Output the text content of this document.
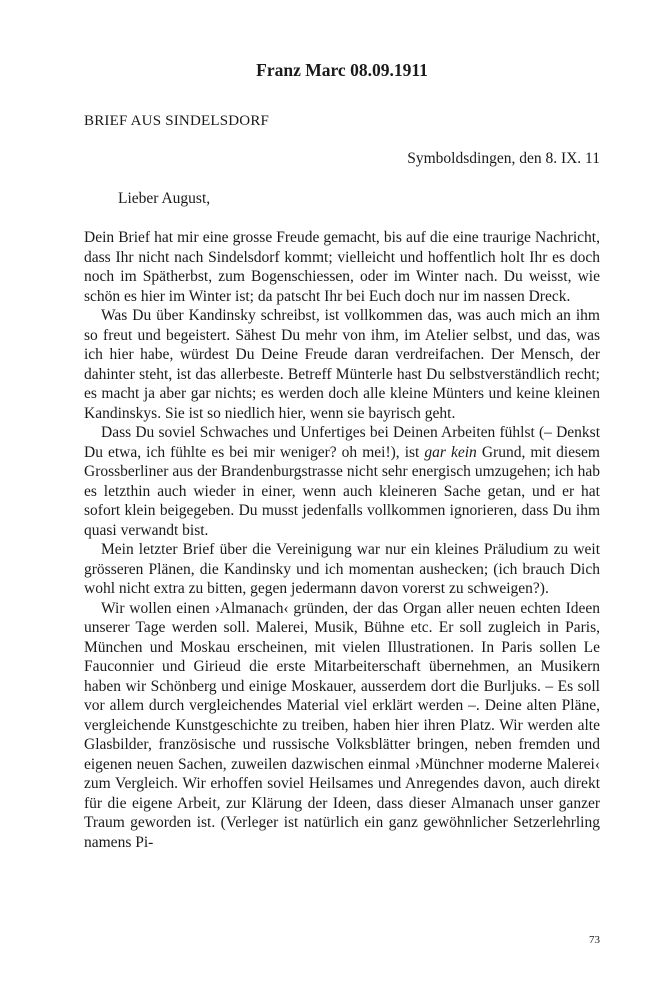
Franz Marc 08.09.1911

BRIEF AUS SINDELSDORF

Symboldsdingen, den 8. IX. 11

Lieber August,

Dein Brief hat mir eine grosse Freude gemacht, bis auf die eine traurige Nachricht, dass Ihr nicht nach Sindelsdorf kommt; vielleicht und hoffentlich holt Ihr es doch noch im Spätherbst, zum Bogenschiessen, oder im Winter nach. Du weisst, wie schön es hier im Winter ist; da patscht Ihr bei Euch doch nur im nassen Dreck.

Was Du über Kandinsky schreibst, ist vollkommen das, was auch mich an ihm so freut und begeistert. Sähest Du mehr von ihm, im Atelier selbst, und das, was ich hier habe, würdest Du Deine Freude daran verdreifachen. Der Mensch, der dahinter steht, ist das allerbeste. Betreff Münterle hast Du selbstverständlich recht; es macht ja aber gar nichts; es werden doch alle kleine Münters und keine kleinen Kandinskys. Sie ist so niedlich hier, wenn sie bayrisch geht.

Dass Du soviel Schwaches und Unfertiges bei Deinen Arbeiten fühlst (– Denkst Du etwa, ich fühlte es bei mir weniger? oh mei!), ist gar kein Grund, mit diesem Grossberliner aus der Brandenburgstrasse nicht sehr energisch umzugehen; ich hab es letzthin auch wieder in einer, wenn auch kleineren Sache getan, und er hat sofort klein beigegeben. Du musst jedenfalls vollkommen ignorieren, dass Du ihm quasi verwandt bist.

Mein letzter Brief über die Vereinigung war nur ein kleines Präludium zu weit grösseren Plänen, die Kandinsky und ich momentan aushecken; (ich brauch Dich wohl nicht extra zu bitten, gegen jedermann davon vorerst zu schweigen?).

Wir wollen einen ›Almanach‹ gründen, der das Organ aller neuen echten Ideen unserer Tage werden soll. Malerei, Musik, Bühne etc. Er soll zugleich in Paris, München und Moskau erscheinen, mit vielen Illustrationen. In Paris sollen Le Fauconnier und Girieud die erste Mitarbeiterschaft übernehmen, an Musikern haben wir Schönberg und einige Moskauer, ausserdem dort die Burljuks. – Es soll vor allem durch vergleichendes Material viel erklärt werden –. Deine alten Pläne, vergleichende Kunstgeschichte zu treiben, haben hier ihren Platz. Wir werden alte Glasbilder, französische und russische Volksblätter bringen, neben fremden und eigenen neuen Sachen, zuweilen dazwischen einmal ›Münchner moderne Malerei‹ zum Vergleich. Wir erhoffen soviel Heilsames und Anregendes davon, auch direkt für die eigene Arbeit, zur Klärung der Ideen, dass dieser Almanach unser ganzer Traum geworden ist. (Verleger ist natürlich ein ganz gewöhnlicher Setzerlehrling namens Pi-

73
